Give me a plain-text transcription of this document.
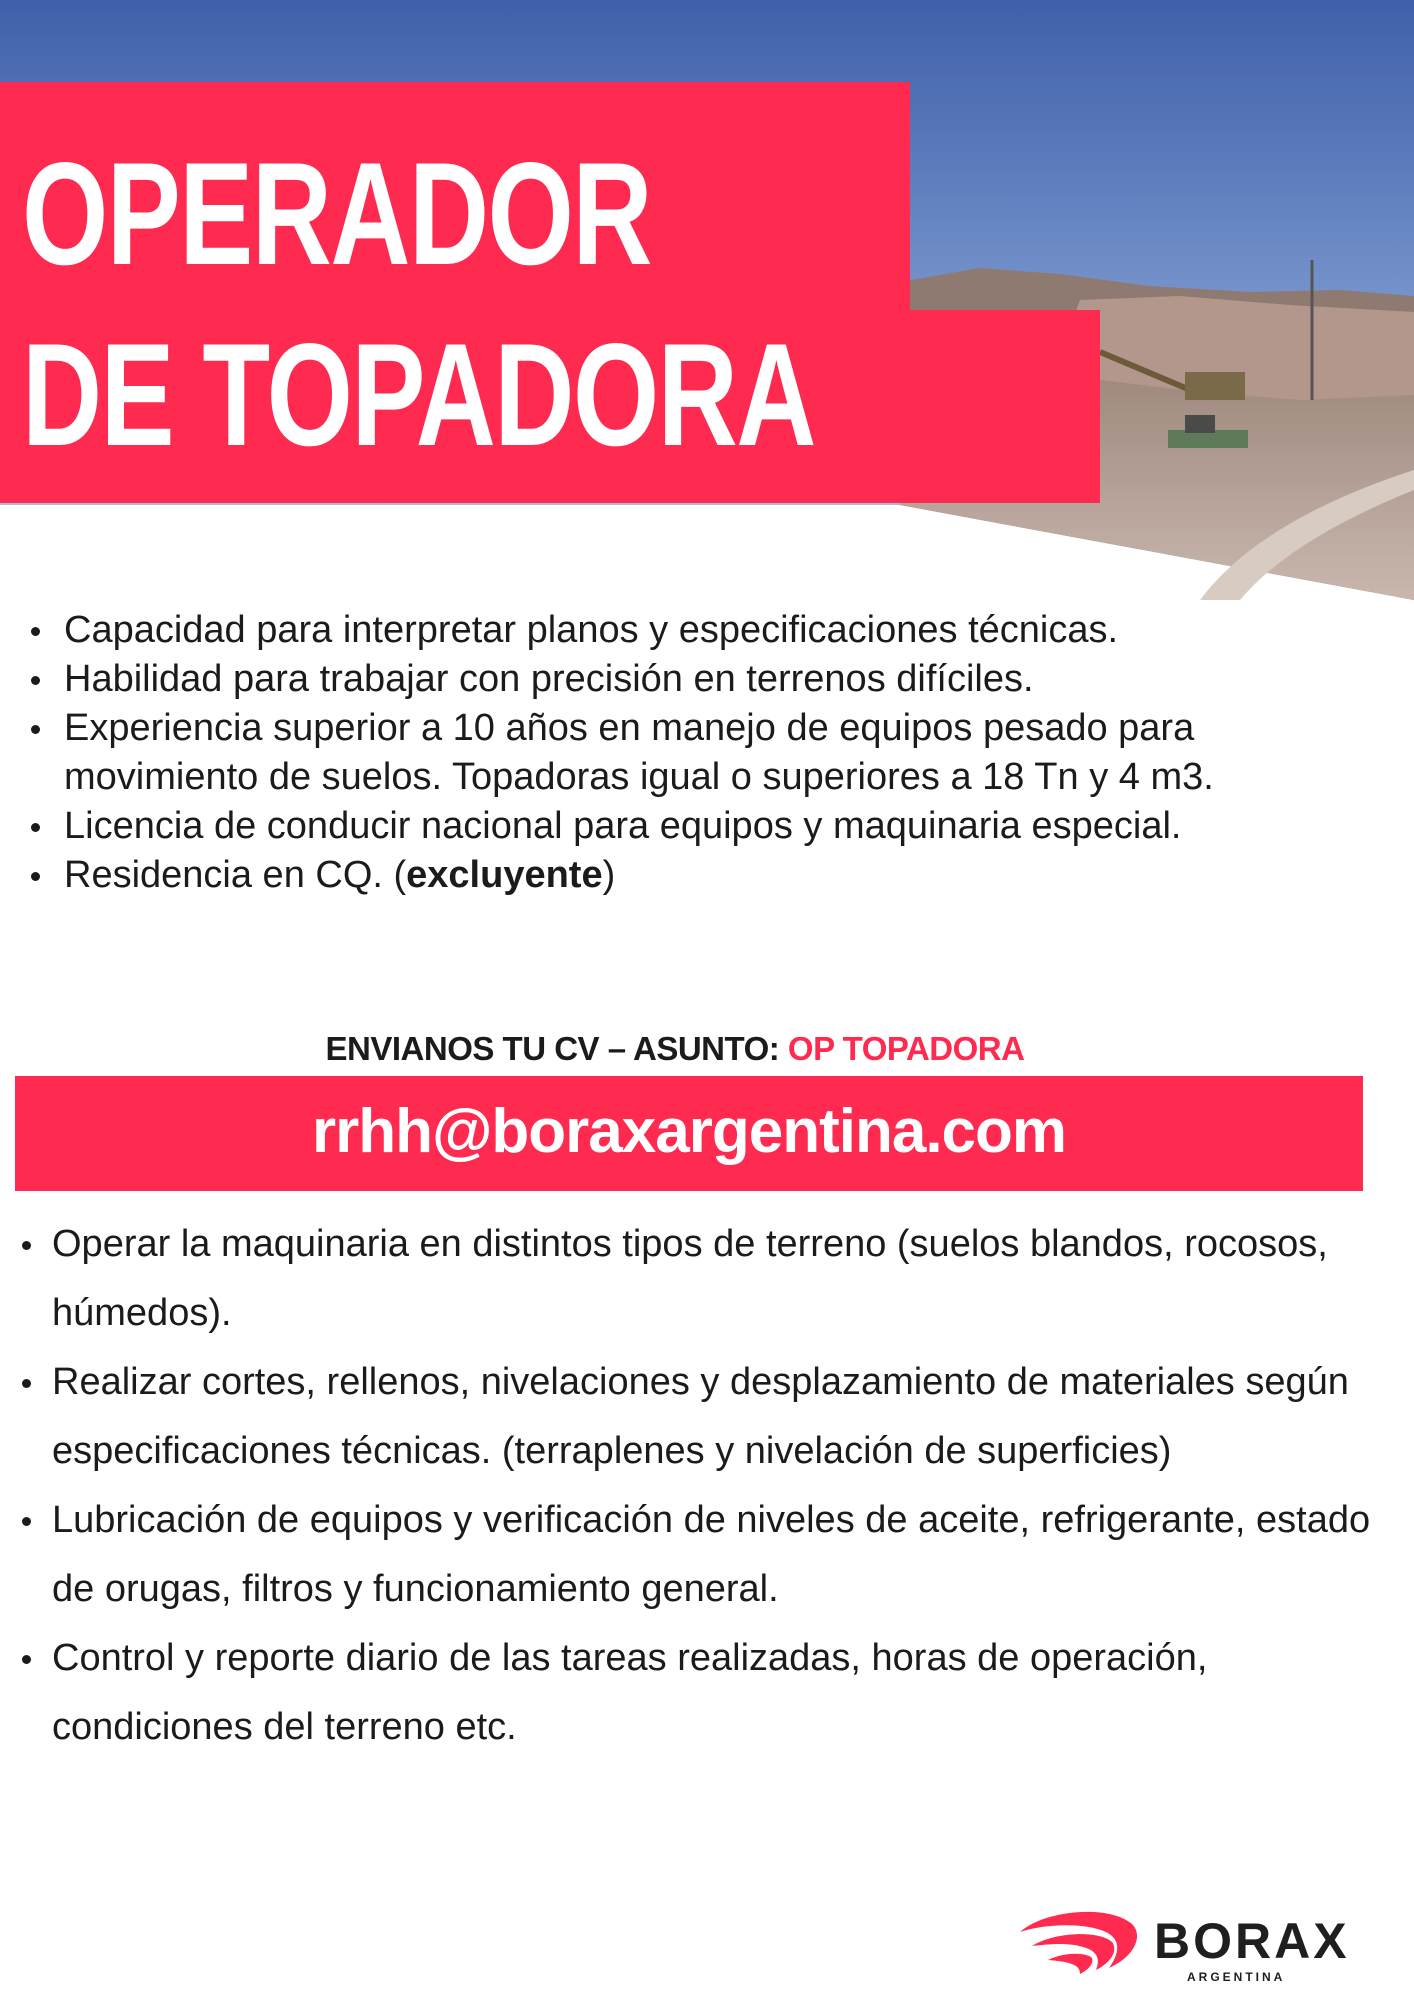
OPERADOR
DE TOPADORA
Capacidad para interpretar planos y especificaciones técnicas.
Habilidad para trabajar con precisión en terrenos difíciles.
Experiencia superior a 10 años en manejo de equipos pesado para movimiento de suelos. Topadoras igual o superiores a 18 Tn y 4 m3.
Licencia de conducir nacional para equipos y maquinaria especial.
Residencia en CQ. (excluyente)
ENVIANOS TU CV – ASUNTO: OP TOPADORA
rrhh@boraxargentina.com
Operar la maquinaria en distintos tipos de terreno (suelos blandos, rocosos, húmedos).
Realizar cortes, rellenos, nivelaciones y desplazamiento de materiales según especificaciones técnicas. (terraplenes y nivelación de superficies)
Lubricación de equipos y verificación de niveles de aceite, refrigerante, estado de orugas, filtros y funcionamiento general.
Control y reporte diario de las tareas realizadas, horas de operación, condiciones del terreno etc.
BORAX
ARGENTINA
